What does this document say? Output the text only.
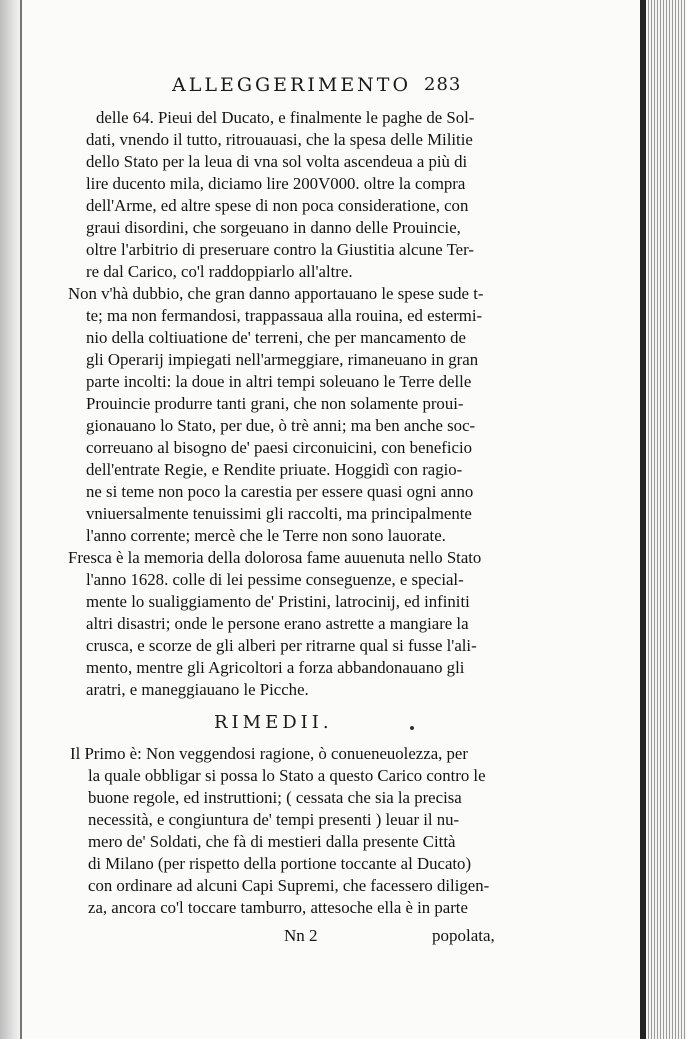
ALLEGGERIMENTO 283
delle 64. Pieui del Ducato, e finalmente le paghe de Sol-
dati, vnendo il tutto, ritrouauasi, che la spesa delle Militie
dello Stato per la leua di vna sol volta ascendeua a più di
lire ducento mila, diciamo lire 200V000. oltre la compra
dell'Arme, ed altre spese di non poca consideratione, con
graui disordini, che sorgeuano in danno delle Prouincie,
oltre l'arbitrio di preseruare contro la Giustitia alcune Ter-
re dal Carico, co'l raddoppiarlo all'altre.
Non v'hà dubbio, che gran danno apportauano le spese sude t-
te; ma non fermandosi, trappassaua alla rouina, ed estermi-
nio della coltiuatione de' terreni, che per mancamento de
gli Operarij impiegati nell'armeggiare, rimaneuano in gran
parte incolti: la doue in altri tempi soleuano le Terre delle
Prouincie produrre tanti grani, che non solamente proui-
gionauano lo Stato, per due, ò trè anni; ma ben anche soc-
correuano al bisogno de' paesi circonuicini, con beneficio
dell'entrate Regie, e Rendite priuate. Hoggidì con ragio-
ne si teme non poco la carestia per essere quasi ogni anno
vniuersalmente tenuissimi gli raccolti, ma principalmente
l'anno corrente; mercè che le Terre non sono lauorate.
Fresca è la memoria della dolorosa fame auuenuta nello Stato
l'anno 1628. colle di lei pessime conseguenze, e special-
mente lo sualiggiamento de' Pristini, latrocinij, ed infiniti
altri disastri; onde le persone erano astrette a mangiare la
crusca, e scorze de gli alberi per ritrarne qual si fusse l'ali-
mento, mentre gli Agricoltori a forza abbandonauano gli
aratri, e maneggiauano le Picche.
RIMEDII.
Il Primo è: Non veggendosi ragione, ò conueneuolezza, per
la quale obbligar si possa lo Stato a questo Carico contro le
buone regole, ed instruttioni; ( cessata che sia la precisa
necessità, e congiuntura de' tempi presenti ) leuar il nu-
mero de' Soldati, che fà di mestieri dalla presente Città
di Milano (per rispetto della portione toccante al Ducato)
con ordinare ad alcuni Capi Supremi, che facessero diligen-
za, ancora co'l toccare tamburro, attesoche ella è in parte
Nn 2	popolata,
